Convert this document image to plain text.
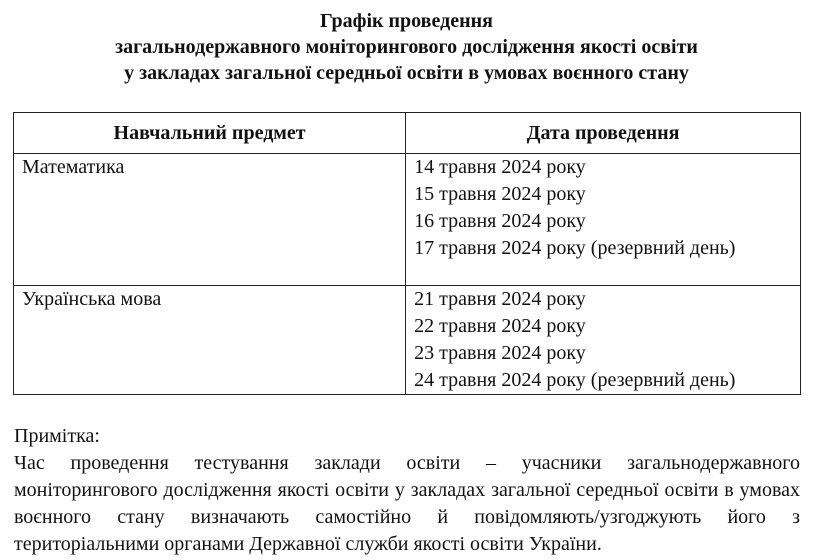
Графік проведення
загальнодержавного моніторингового дослідження якості освіти
у закладах загальної середньої освіти в умовах воєнного стану
Навчальний предмет	Дата проведення
Математика	14 травня 2024 року
15 травня 2024 року
16 травня 2024 року
17 травня 2024 року (резервний день)

Українська мова	21 травня 2024 року
22 травня 2024 року
23 травня 2024 року
24 травня 2024 року (резервний день)
Примітка:
Час проведення тестування заклади освіти – учасники загальнодержавного моніторингового дослідження якості освіти у закладах загальної середньої освіти в умовах воєнного стану визначають самостійно й повідомляють/узгоджують його з територіальними органами Державної служби якості освіти України.
